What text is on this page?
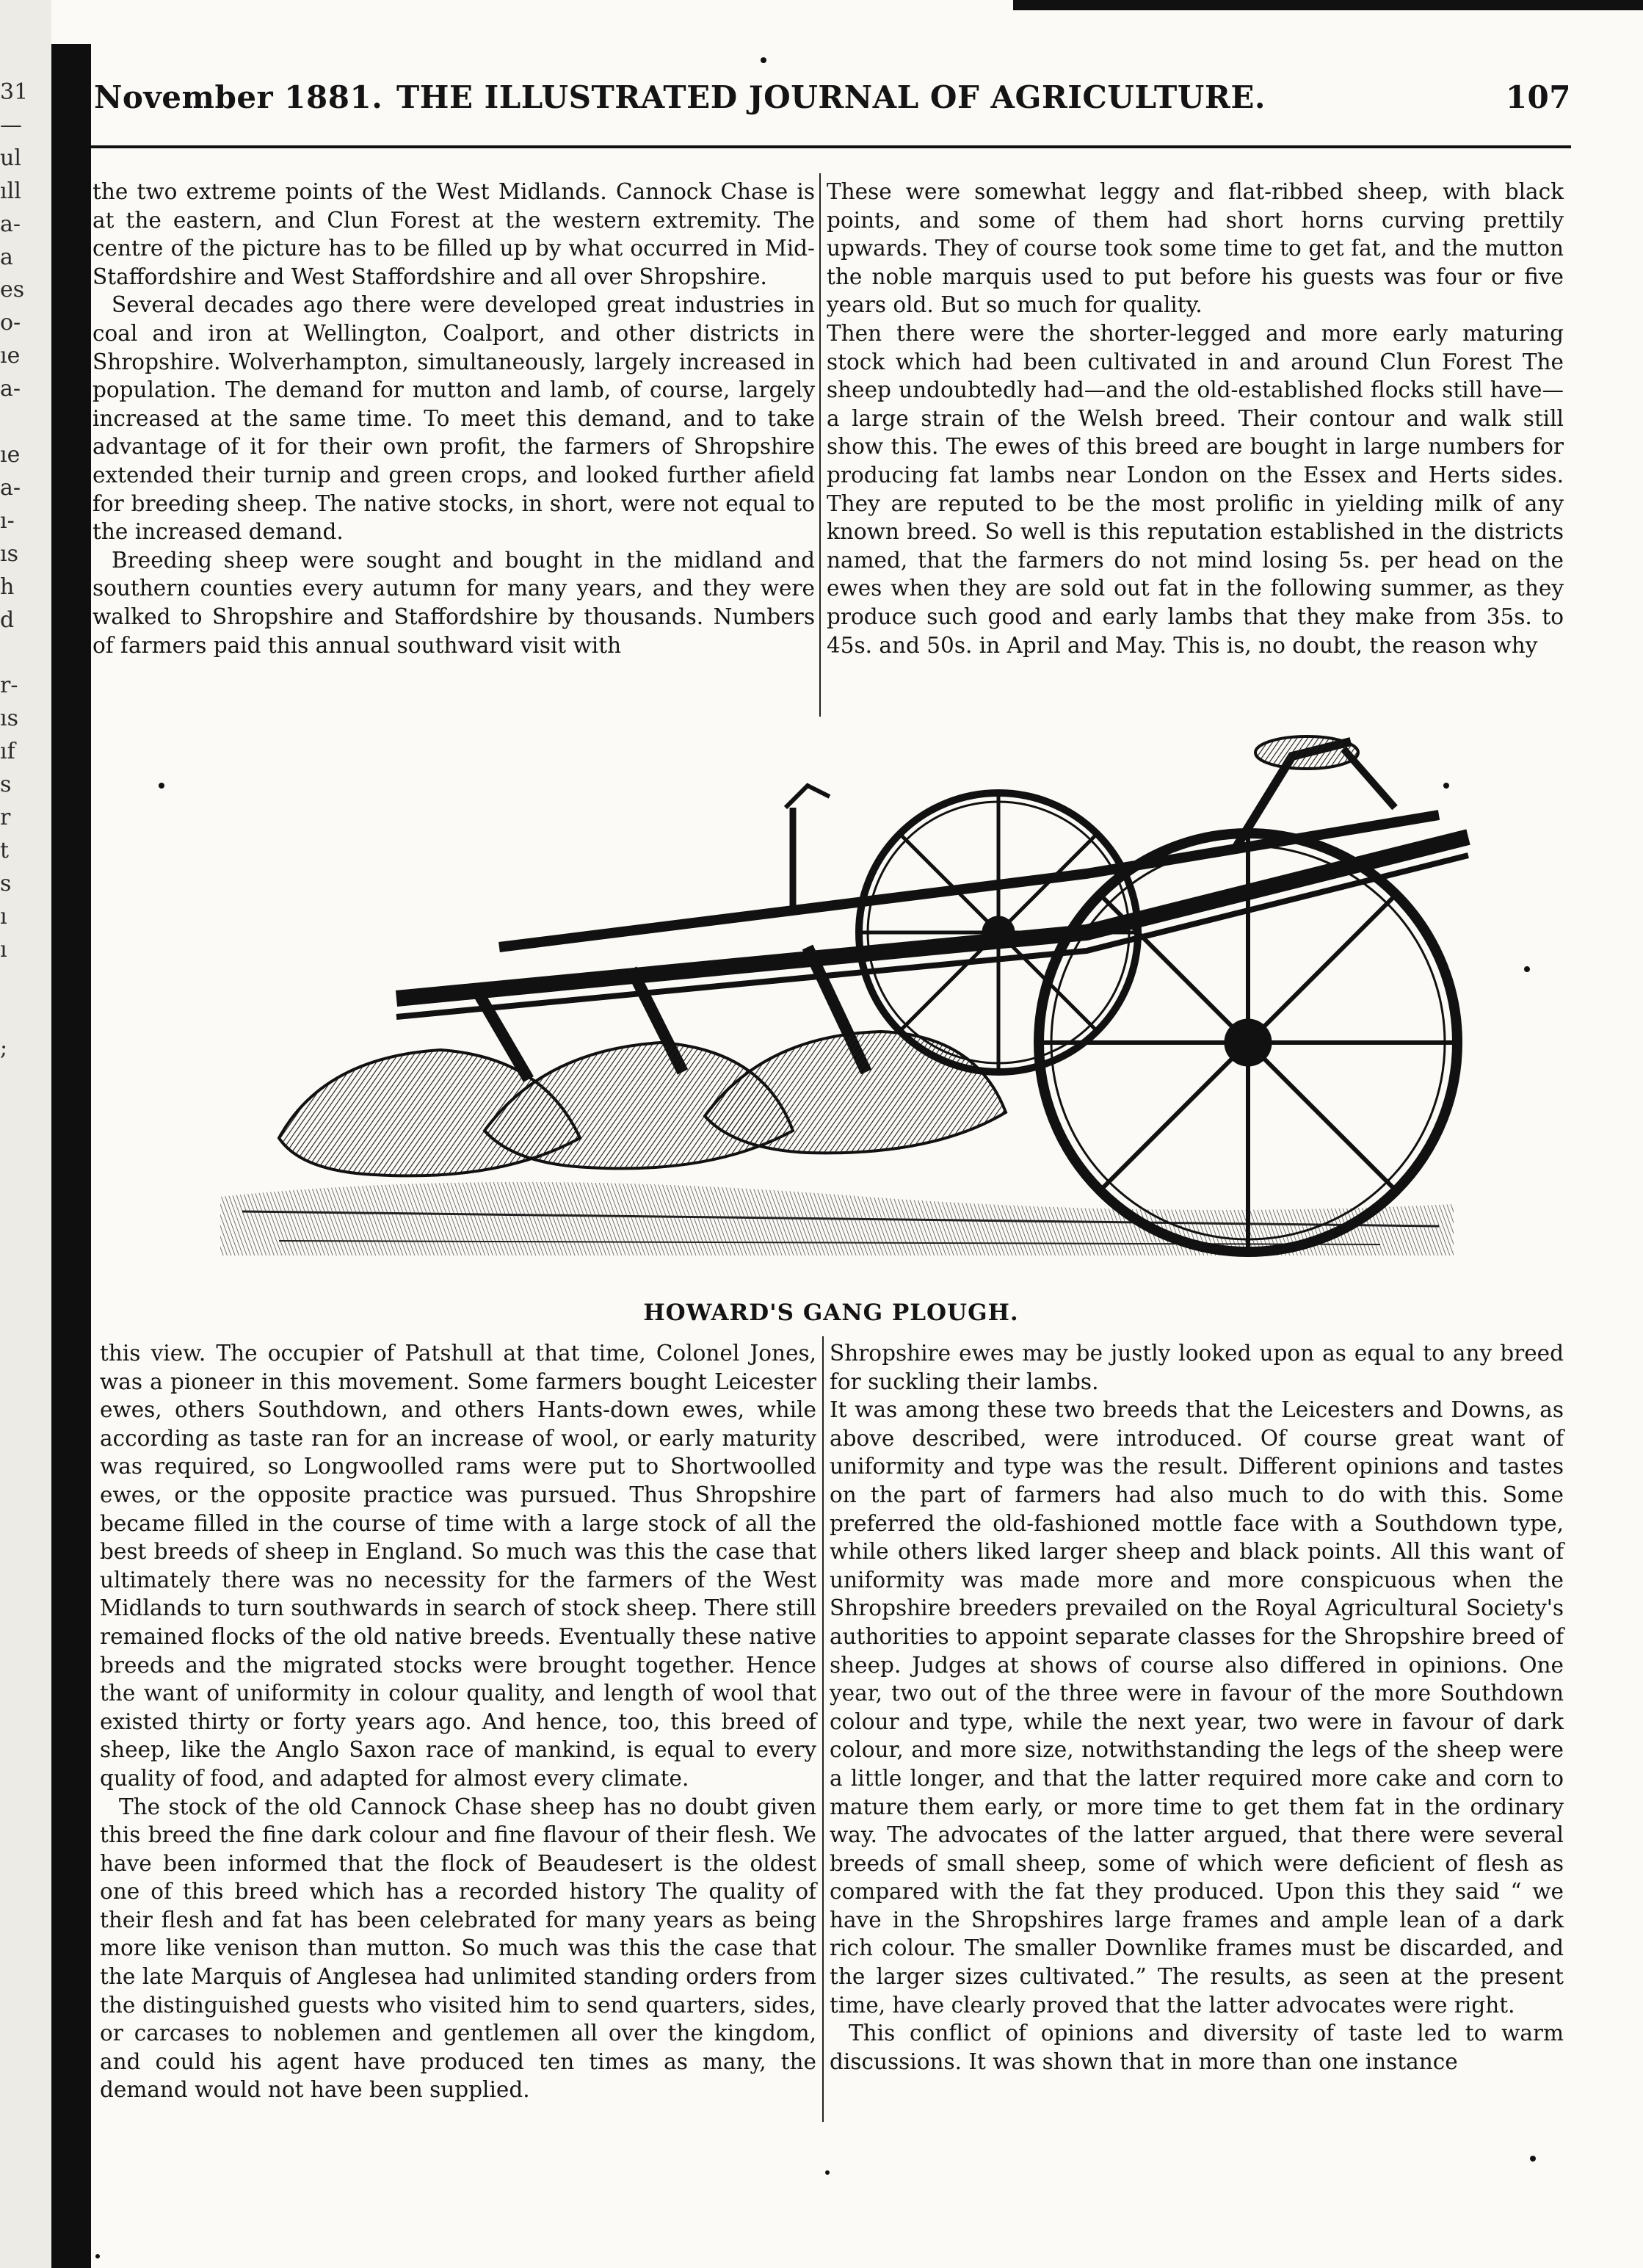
31
—
ul
ıll
a-
a
es
o-
ıe
a-

ıe
a-
ı-
ıs
h
d

r-
ıs
ıf
s
r
t
s
ı
ı

;
November 1881. THE ILLUSTRATED JOURNAL OF AGRICULTURE.	107

the two extreme points of the West Midlands. Cannock Chase is at the eastern, and Clun Forest at the western extremity. The centre of the picture has to be filled up by what occurred in Mid-Staffordshire and West Staffordshire and all over Shropshire.

Several decades ago there were developed great industries in coal and iron at Wellington, Coalport, and other districts in Shropshire. Wolverhampton, simultaneously, largely increased in population. The demand for mutton and lamb, of course, largely increased at the same time. To meet this demand, and to take advantage of it for their own profit, the farmers of Shropshire extended their turnip and green crops, and looked further afield for breeding sheep. The native stocks, in short, were not equal to the increased demand.

Breeding sheep were sought and bought in the midland and southern counties every autumn for many years, and they were walked to Shropshire and Staffordshire by thousands. Numbers of farmers paid this annual southward visit with

These were somewhat leggy and flat-ribbed sheep, with black points, and some of them had short horns curving prettily upwards. They of course took some time to get fat, and the mutton the noble marquis used to put before his guests was four or five years old. But so much for quality.

Then there were the shorter-legged and more early maturing stock which had been cultivated in and around Clun Forest The sheep undoubtedly had—and the old-established flocks still have—a large strain of the Welsh breed. Their contour and walk still show this. The ewes of this breed are bought in large numbers for producing fat lambs near London on the Essex and Herts sides. They are reputed to be the most prolific in yielding milk of any known breed. So well is this reputation established in the districts named, that the farmers do not mind losing 5s. per head on the ewes when they are sold out fat in the following summer, as they produce such good and early lambs that they make from 35s. to 45s. and 50s. in April and May. This is, no doubt, the reason why

HOWARD'S GANG PLOUGH.

this view. The occupier of Patshull at that time, Colonel Jones, was a pioneer in this movement. Some farmers bought Leicester ewes, others Southdown, and others Hants-down ewes, while according as taste ran for an increase of wool, or early maturity was required, so Longwoolled rams were put to Shortwoolled ewes, or the opposite practice was pursued. Thus Shropshire became filled in the course of time with a large stock of all the best breeds of sheep in England. So much was this the case that ultimately there was no necessity for the farmers of the West Midlands to turn southwards in search of stock sheep. There still remained flocks of the old native breeds. Eventually these native breeds and the migrated stocks were brought together. Hence the want of uniformity in colour quality, and length of wool that existed thirty or forty years ago. And hence, too, this breed of sheep, like the Anglo Saxon race of mankind, is equal to every quality of food, and adapted for almost every climate.

The stock of the old Cannock Chase sheep has no doubt given this breed the fine dark colour and fine flavour of their flesh. We have been informed that the flock of Beaudesert is the oldest one of this breed which has a recorded history The quality of their flesh and fat has been celebrated for many years as being more like venison than mutton. So much was this the case that the late Marquis of Anglesea had unlimited standing orders from the distinguished guests who visited him to send quarters, sides, or carcases to noblemen and gentlemen all over the kingdom, and could his agent have produced ten times as many, the demand would not have been supplied.

Shropshire ewes may be justly looked upon as equal to any breed for suckling their lambs.

It was among these two breeds that the Leicesters and Downs, as above described, were introduced. Of course great want of uniformity and type was the result. Different opinions and tastes on the part of farmers had also much to do with this. Some preferred the old-fashioned mottle face with a Southdown type, while others liked larger sheep and black points. All this want of uniformity was made more and more conspicuous when the Shropshire breeders prevailed on the Royal Agricultural Society's authorities to appoint separate classes for the Shropshire breed of sheep. Judges at shows of course also differed in opinions. One year, two out of the three were in favour of the more Southdown colour and type, while the next year, two were in favour of dark colour, and more size, notwithstanding the legs of the sheep were a little longer, and that the latter required more cake and corn to mature them early, or more time to get them fat in the ordinary way. The advocates of the latter argued, that there were several breeds of small sheep, some of which were deficient of flesh as compared with the fat they produced. Upon this they said “ we have in the Shropshires large frames and ample lean of a dark rich colour. The smaller Downlike frames must be discarded, and the larger sizes cultivated.” The results, as seen at the present time, have clearly proved that the latter advocates were right.

This conflict of opinions and diversity of taste led to warm discussions. It was shown that in more than one instance
